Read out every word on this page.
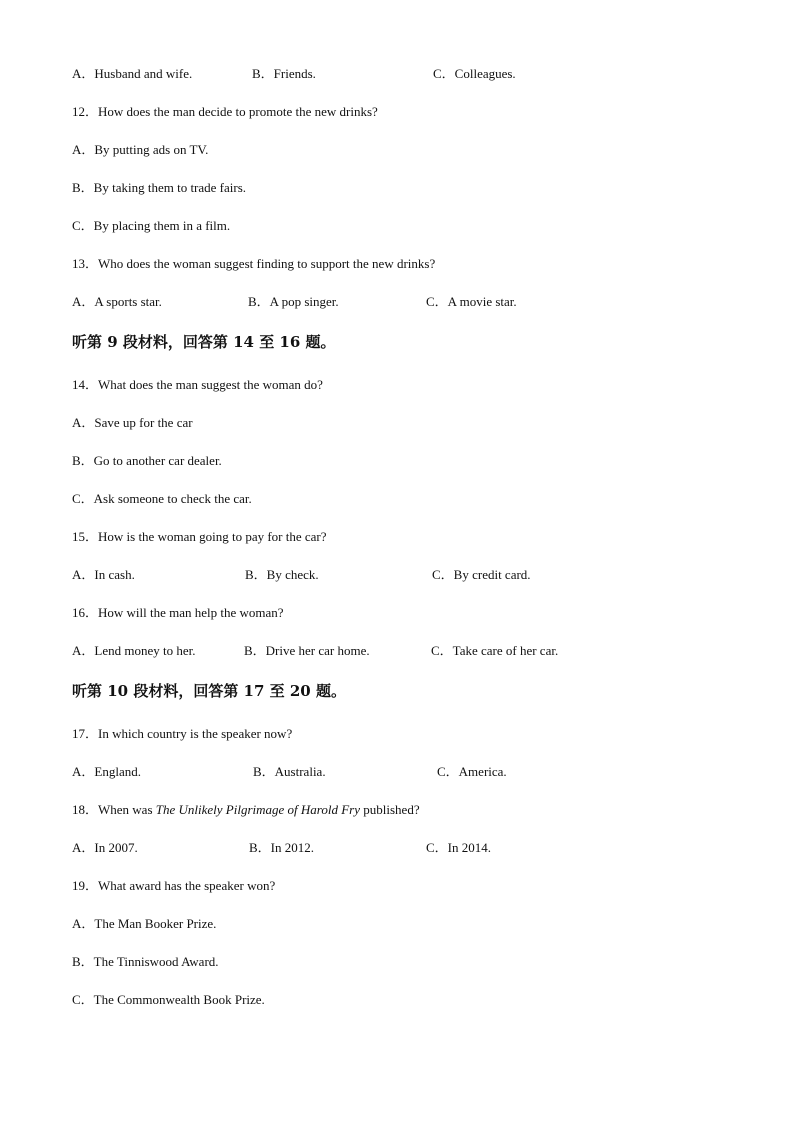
A．Husband and wife.	B．Friends.	C．Colleagues.
12．How does the man decide to promote the new drinks?
A．By putting ads on TV.
B．By taking them to trade fairs.
C．By placing them in a film.
13．Who does the woman suggest finding to support the new drinks?
A．A sports star.	B．A pop singer.	C．A movie star.
听第 9 段材料，回答第 14 至 16 题。
14．What does the man suggest the woman do?
A．Save up for the car
B．Go to another car dealer.
C．Ask someone to check the car.
15．How is the woman going to pay for the car?
A．In cash.	B．By check.	C．By credit card.
16．How will the man help the woman?
A．Lend money to her.	B．Drive her car home.	C．Take care of her car.
听第 10 段材料，回答第 17 至 20 题。
17．In which country is the speaker now?
A．England.	B．Australia.	C．America.
18．When was The Unlikely Pilgrimage of Harold Fry published?
A．In 2007.	B．In 2012.	C．In 2014.
19．What award has the speaker won?
A．The Man Booker Prize.
B．The Tinniswood Award.
C．The Commonwealth Book Prize.
